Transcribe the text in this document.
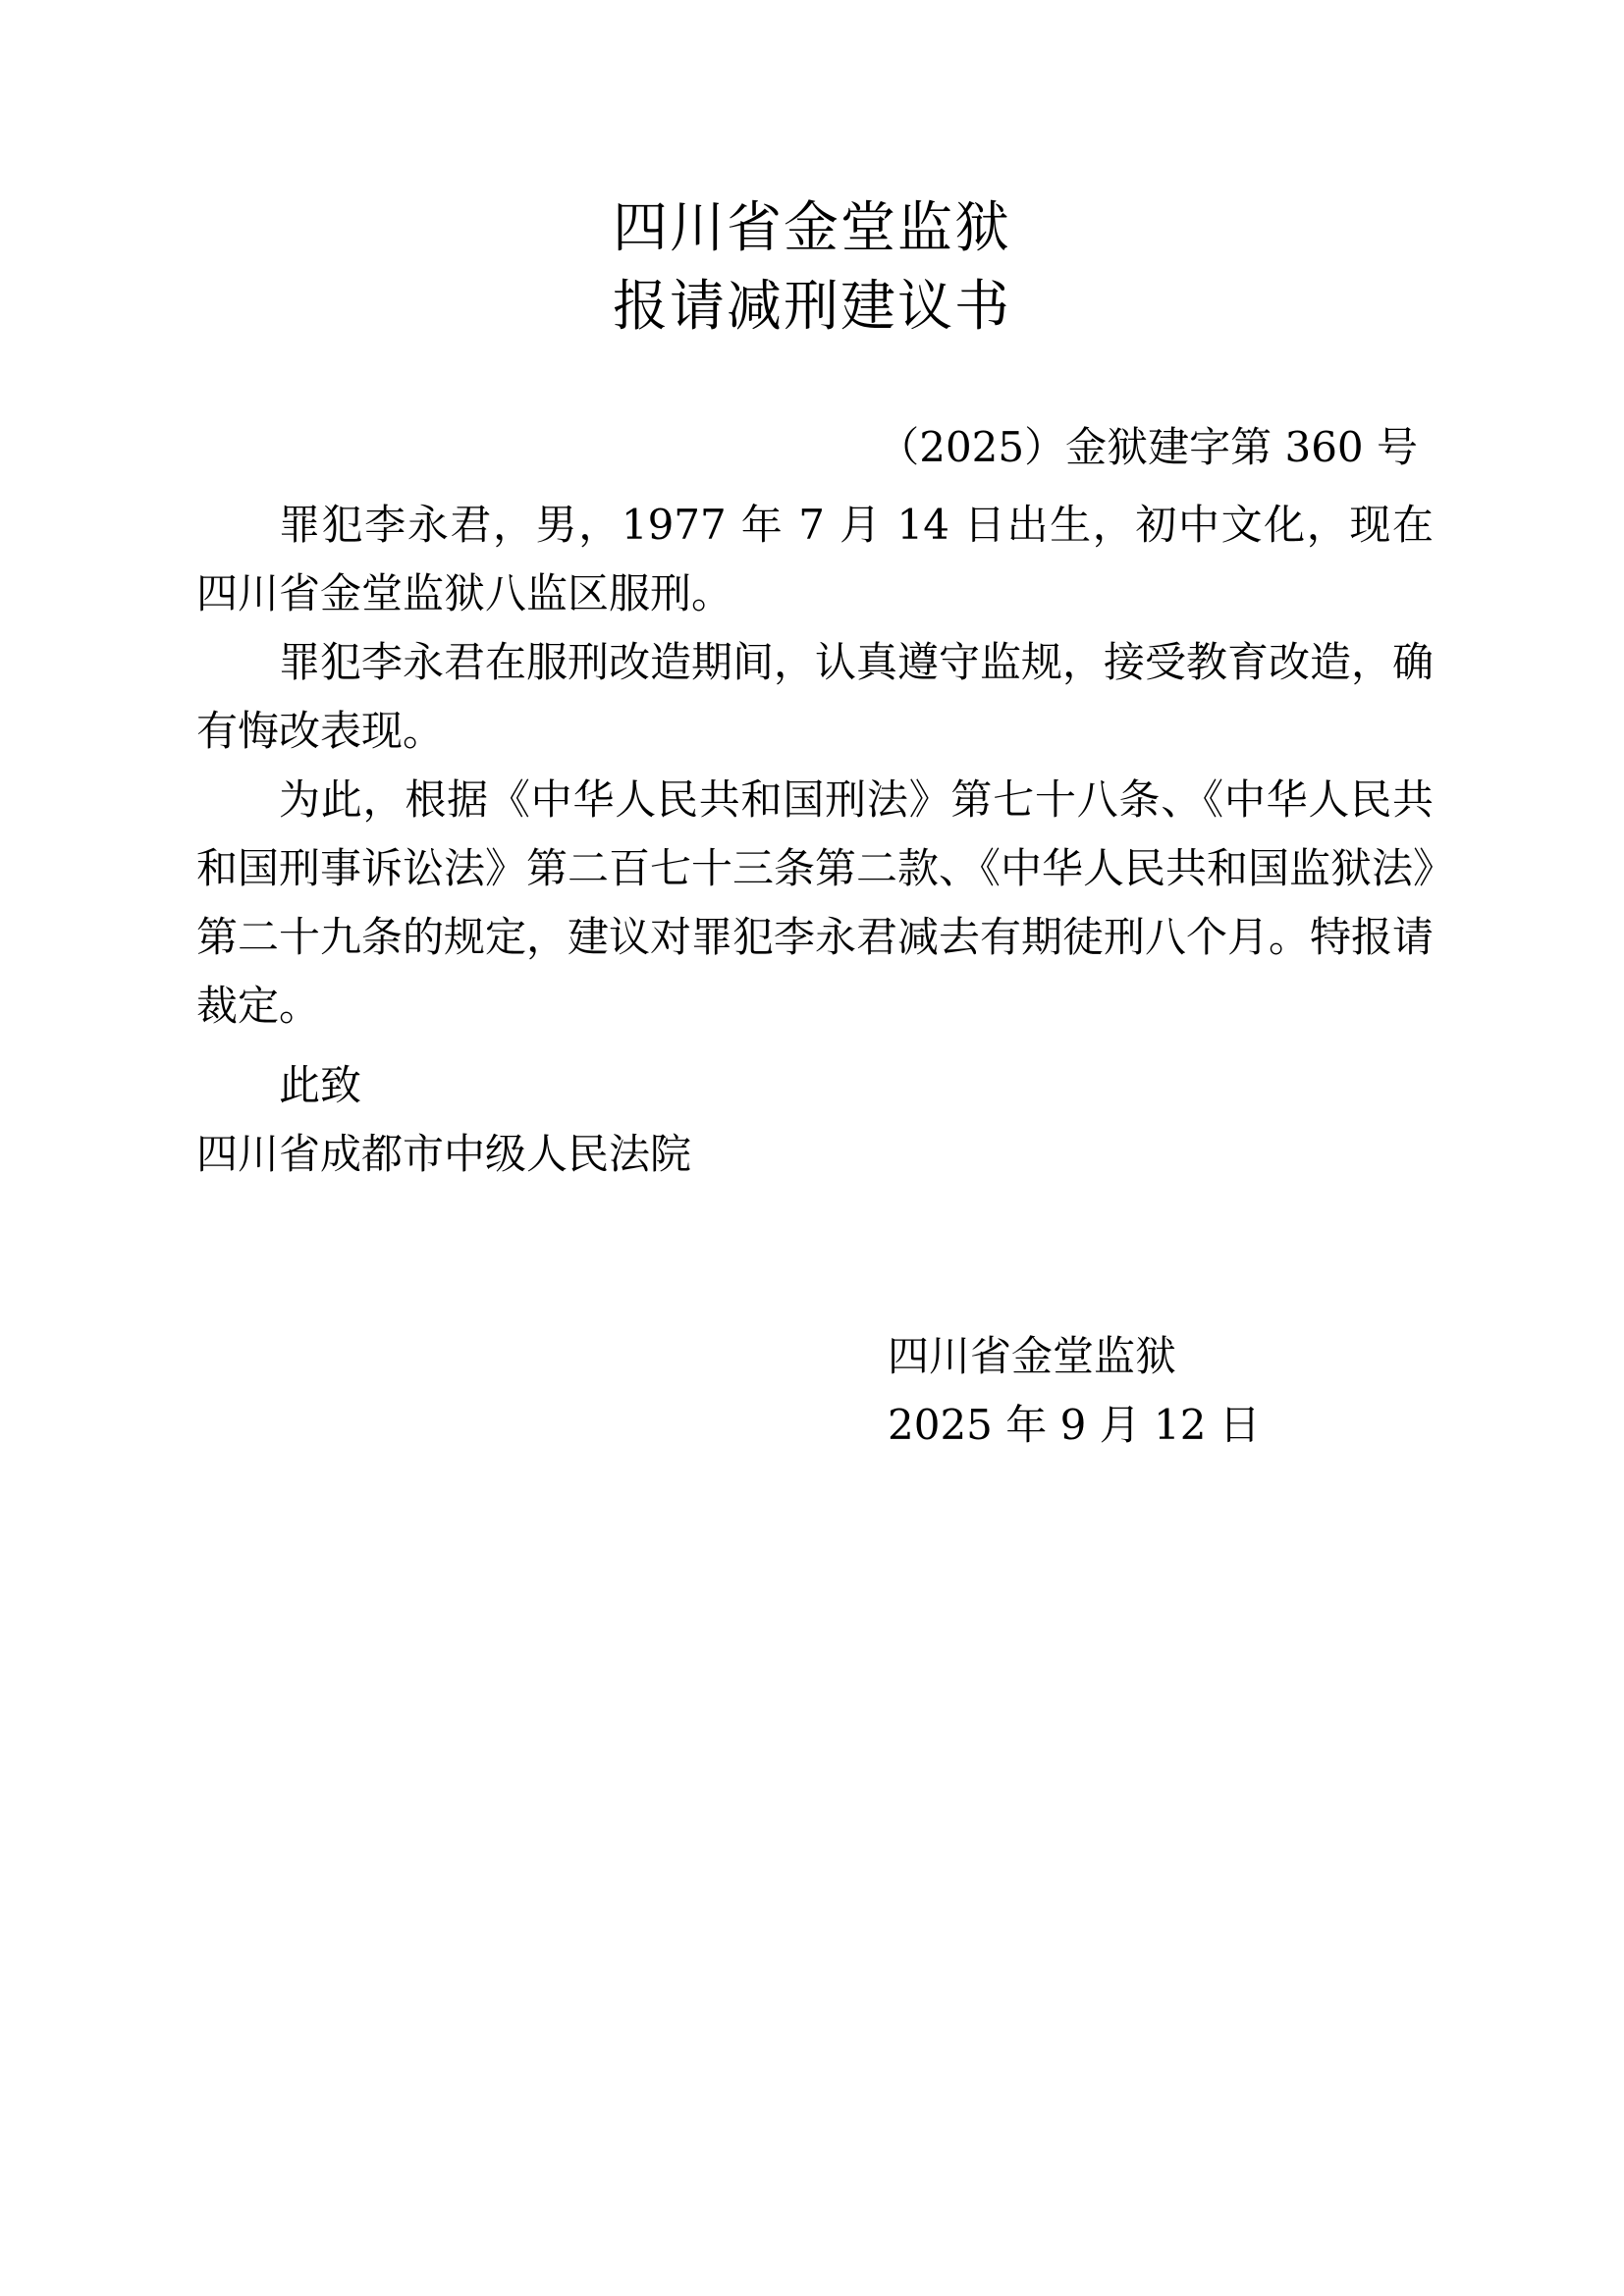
四川省金堂监狱
报请减刑建议书
（2025）金狱建字第 360 号
罪犯李永君，男，1977 年 7 月 14 日出生，初中文化，现在四川省金堂监狱八监区服刑。
罪犯李永君在服刑改造期间，认真遵守监规，接受教育改造，确有悔改表现。
为此，根据《中华人民共和国刑法》第七十八条、《中华人民共和国刑事诉讼法》第二百七十三条第二款、《中华人民共和国监狱法》第二十九条的规定，建议对罪犯李永君减去有期徒刑八个月。特报请裁定。
此致
四川省成都市中级人民法院
四川省金堂监狱
2025 年 9 月 12 日
